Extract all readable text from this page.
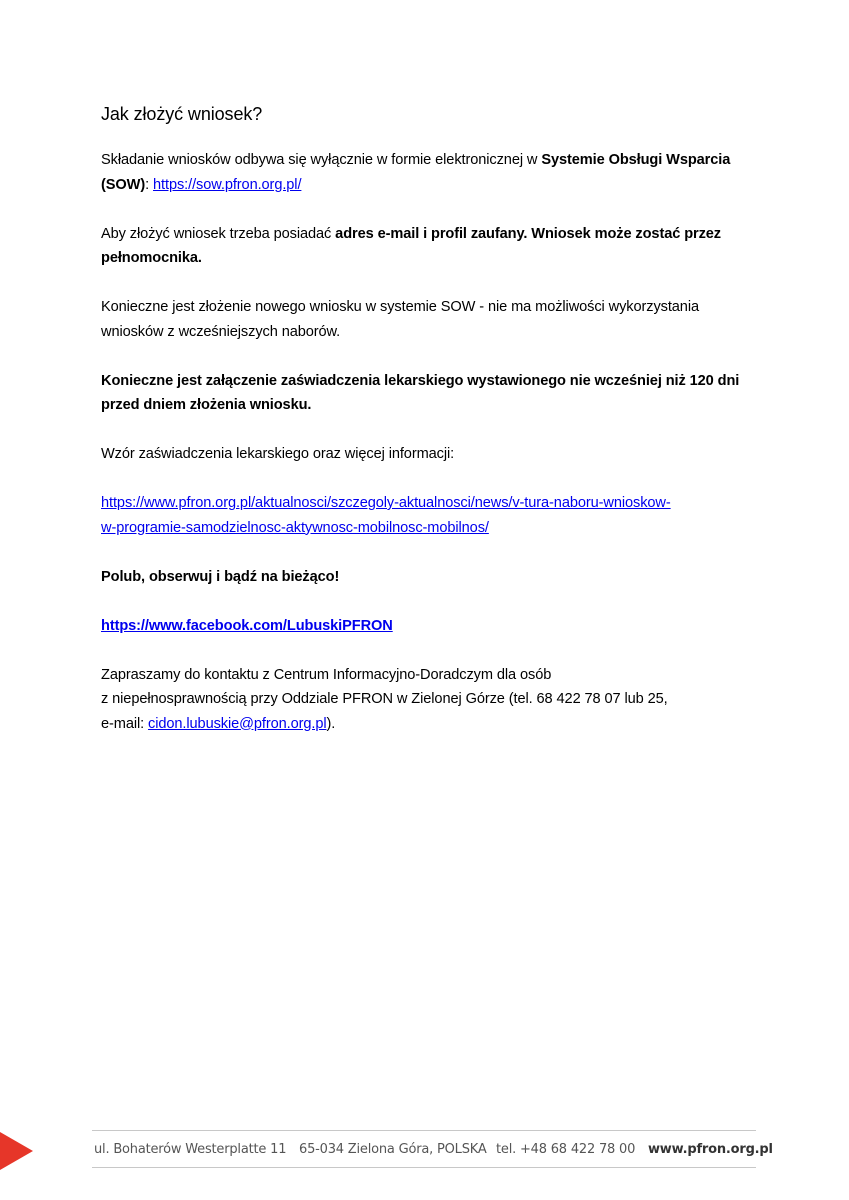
Jak złożyć wniosek?
Składanie wniosków odbywa się wyłącznie w formie elektronicznej w Systemie Obsługi Wsparcia (SOW): https://sow.pfron.org.pl/
Aby złożyć wniosek trzeba posiadać adres e-mail i profil zaufany. Wniosek może zostać przez pełnomocnika.
Konieczne jest złożenie nowego wniosku w systemie SOW - nie ma możliwości wykorzystania wniosków z wcześniejszych naborów.
Konieczne jest załączenie zaświadczenia lekarskiego wystawionego nie wcześniej niż 120 dni przed dniem złożenia wniosku.
Wzór zaświadczenia lekarskiego oraz więcej informacji:
https://www.pfron.org.pl/aktualnosci/szczegoly-aktualnosci/news/v-tura-naboru-wnioskow-
w-programie-samodzielnosc-aktywnosc-mobilnosc-mobilnos/
Polub, obserwuj i bądź na bieżąco!
https://www.facebook.com/LubuskiPFRON
Zapraszamy do kontaktu z Centrum Informacyjno-Doradczym dla osób
z niepełnosprawnością przy Oddziale PFRON w Zielonej Górze (tel. 68 422 78 07 lub 25,
e-mail: cidon.lubuskie@pfron.org.pl).
ul. Bohaterów Westerplatte 11 65-034 Zielona Góra, POLSKA tel. +48 68 422 78 00 www.pfron.org.pl
